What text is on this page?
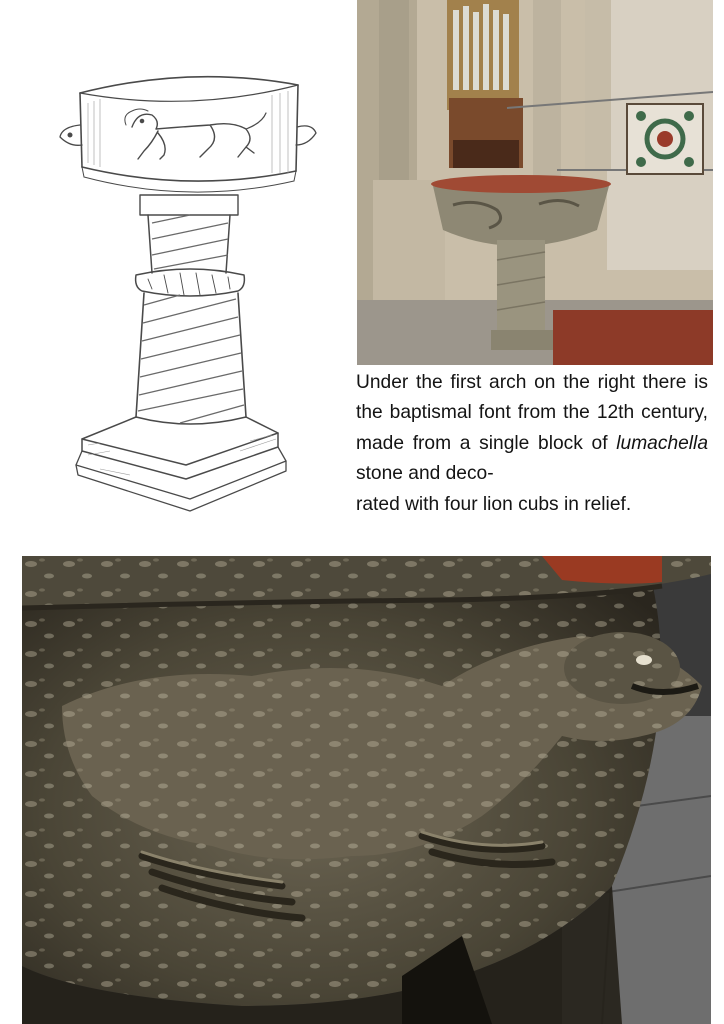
Under the first arch on the right there is the baptismal font from the 12th century, made from a single block of lumachella stone and deco-
rated with four lion cubs in relief.
